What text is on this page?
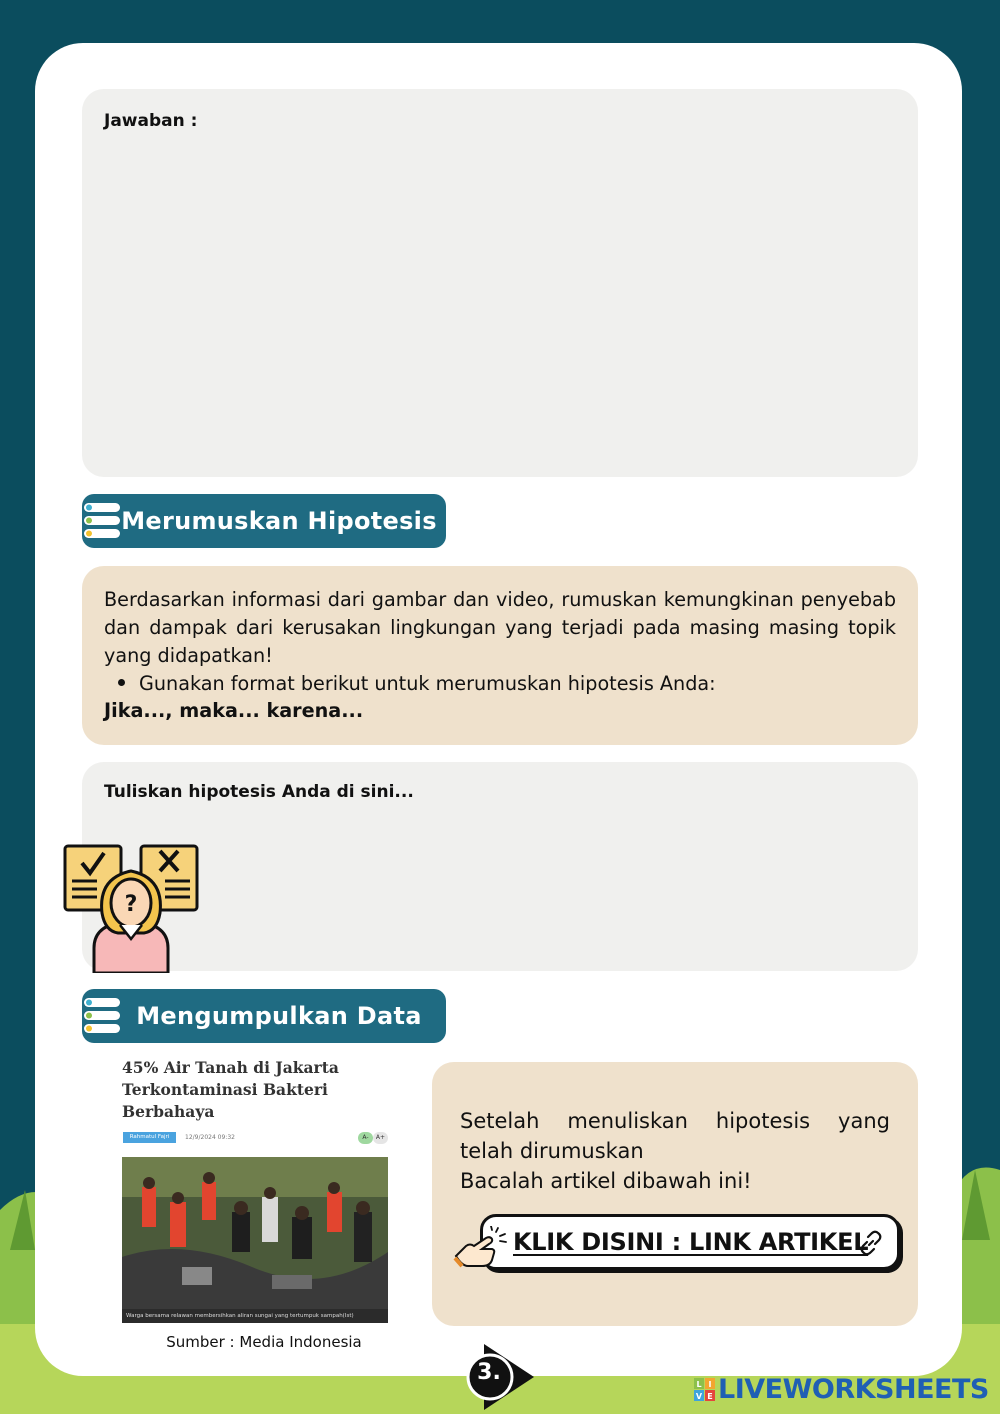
Jawaban :
Merumuskan Hipotesis
Berdasarkan informasi dari gambar dan video, rumuskan kemungkinan penyebab dan dampak dari kerusakan lingkungan yang terjadi pada masing masing topik yang didapatkan!
Gunakan format berikut untuk merumuskan hipotesis Anda:
Jika..., maka... karena...
Tuliskan hipotesis Anda di sini...
?
Mengumpulkan Data
45% Air Tanah di Jakarta Terkontaminasi Bakteri Berbahaya
Rahmatul Fajri	12/9/2024 09:32	A-	A+
Warga bersama relawan membersihkan aliran sungai yang tertumpuk sampah(Ist)
Sumber : Media Indonesia
Setelah menuliskan hipotesis yang
telah dirumuskan
Bacalah artikel dibawah ini!
KLIK DISINI : LINK ARTIKEL
3.	L I
V E LIVEWORKSHEETS
